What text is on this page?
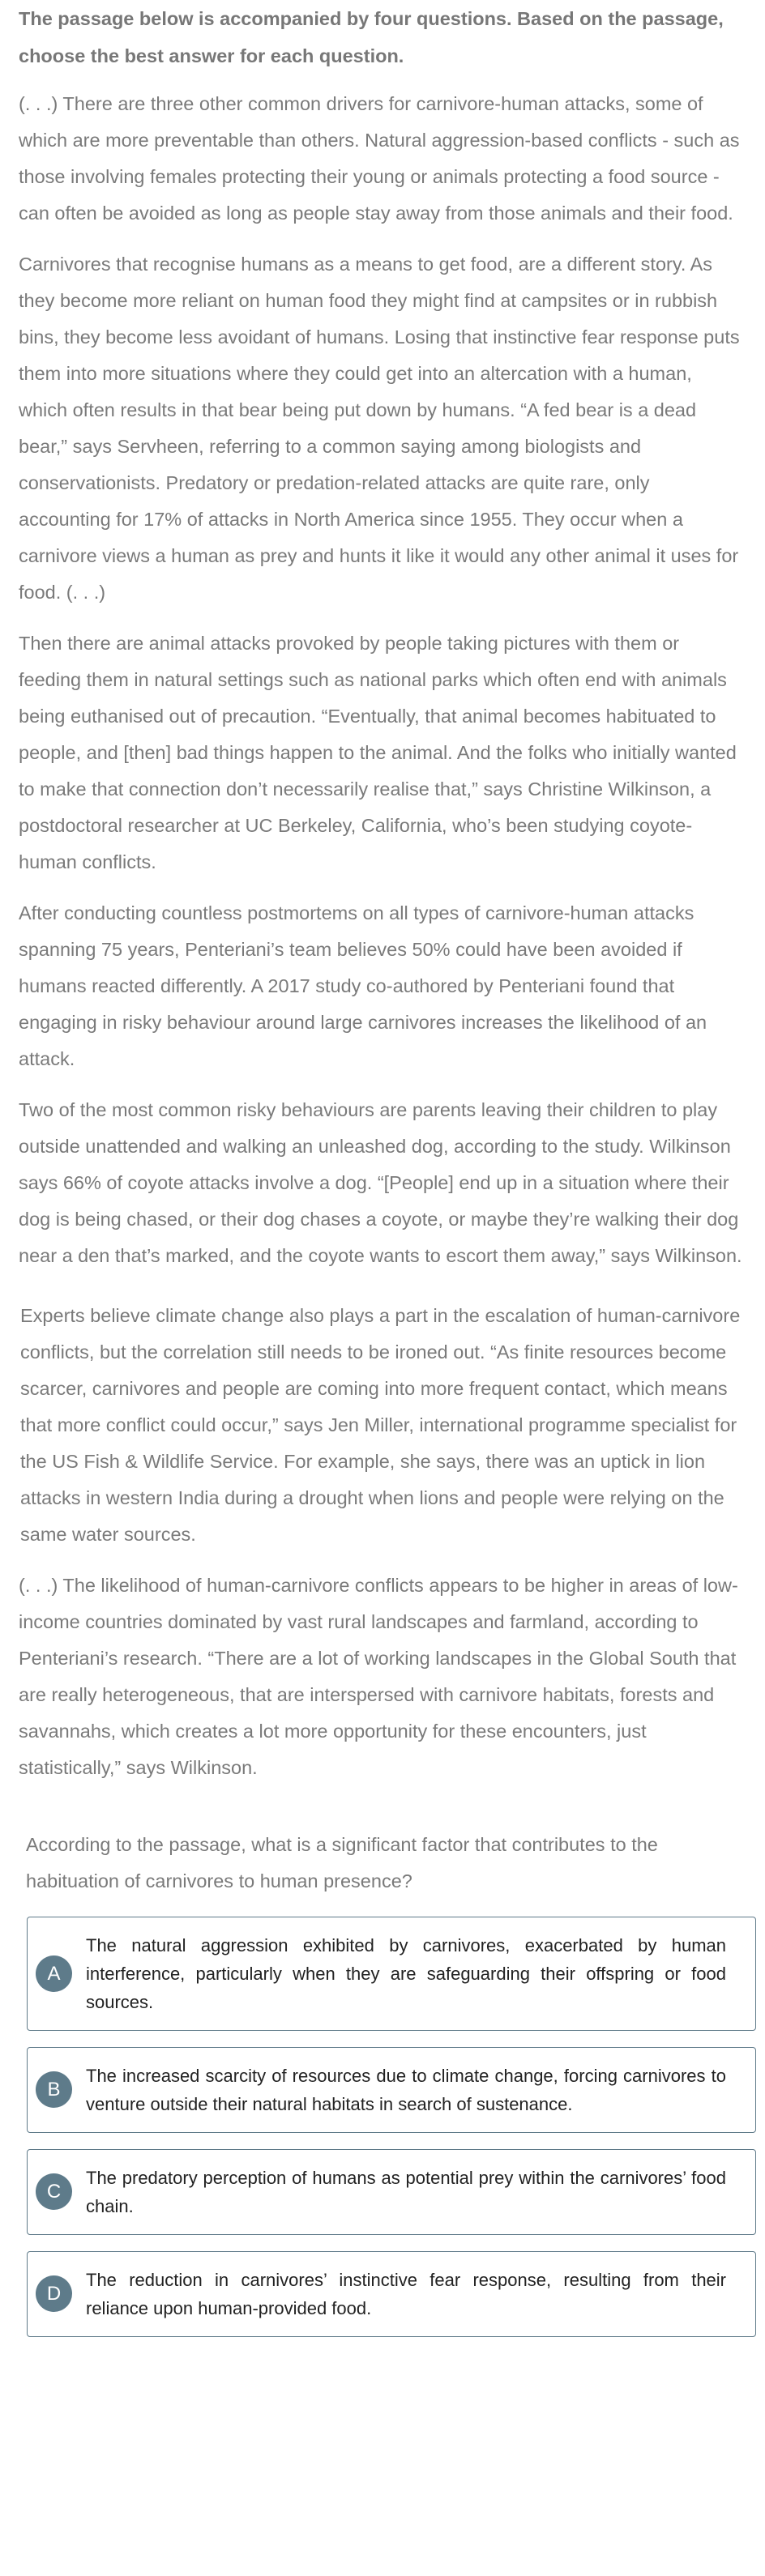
The passage below is accompanied by four questions. Based on the passage, choose the best answer for each question.

(. . .) There are three other common drivers for carnivore-human attacks, some of which are more preventable than others. Natural aggression-based conflicts - such as those involving females protecting their young or animals protecting a food source - can often be avoided as long as people stay away from those animals and their food.

Carnivores that recognise humans as a means to get food, are a different story. As they become more reliant on human food they might find at campsites or in rubbish bins, they become less avoidant of humans. Losing that instinctive fear response puts them into more situations where they could get into an altercation with a human, which often results in that bear being put down by humans. “A fed bear is a dead bear,” says Servheen, referring to a common saying among biologists and conservationists. Predatory or predation-related attacks are quite rare, only accounting for 17% of attacks in North America since 1955. They occur when a carnivore views a human as prey and hunts it like it would any other animal it uses for food. (. . .)

Then there are animal attacks provoked by people taking pictures with them or feeding them in natural settings such as national parks which often end with animals being euthanised out of precaution. “Eventually, that animal becomes habituated to people, and [then] bad things happen to the animal. And the folks who initially wanted to make that connection don’t necessarily realise that,” says Christine Wilkinson, a postdoctoral researcher at UC Berkeley, California, who’s been studying coyote-human conflicts.

After conducting countless postmortems on all types of carnivore-human attacks spanning 75 years, Penteriani’s team believes 50% could have been avoided if humans reacted differently. A 2017 study co-authored by Penteriani found that engaging in risky behaviour around large carnivores increases the likelihood of an attack.

Two of the most common risky behaviours are parents leaving their children to play outside unattended and walking an unleashed dog, according to the study. Wilkinson says 66% of coyote attacks involve a dog. “[People] end up in a situation where their dog is being chased, or their dog chases a coyote, or maybe they’re walking their dog near a den that’s marked, and the coyote wants to escort them away,” says Wilkinson.

Experts believe climate change also plays a part in the escalation of human-carnivore conflicts, but the correlation still needs to be ironed out. “As finite resources become scarcer, carnivores and people are coming into more frequent contact, which means that more conflict could occur,” says Jen Miller, international programme specialist for the US Fish & Wildlife Service. For example, she says, there was an uptick in lion attacks in western India during a drought when lions and people were relying on the same water sources.

(. . .) The likelihood of human-carnivore conflicts appears to be higher in areas of low-income countries dominated by vast rural landscapes and farmland, according to Penteriani’s research. “There are a lot of working landscapes in the Global South that are really heterogeneous, that are interspersed with carnivore habitats, forests and savannahs, which creates a lot more opportunity for these encounters, just statistically,” says Wilkinson.

According to the passage, what is a significant factor that contributes to the habituation of carnivores to human presence?

A
The natural aggression exhibited by carnivores, exacerbated by human interference, particularly when they are safeguarding their offspring or food sources.
B
The increased scarcity of resources due to climate change, forcing carnivores to venture outside their natural habitats in search of sustenance.
C
The predatory perception of humans as potential prey within the carnivores’ food chain.
D
The reduction in carnivores’ instinctive fear response, resulting from their reliance upon human-provided food.
